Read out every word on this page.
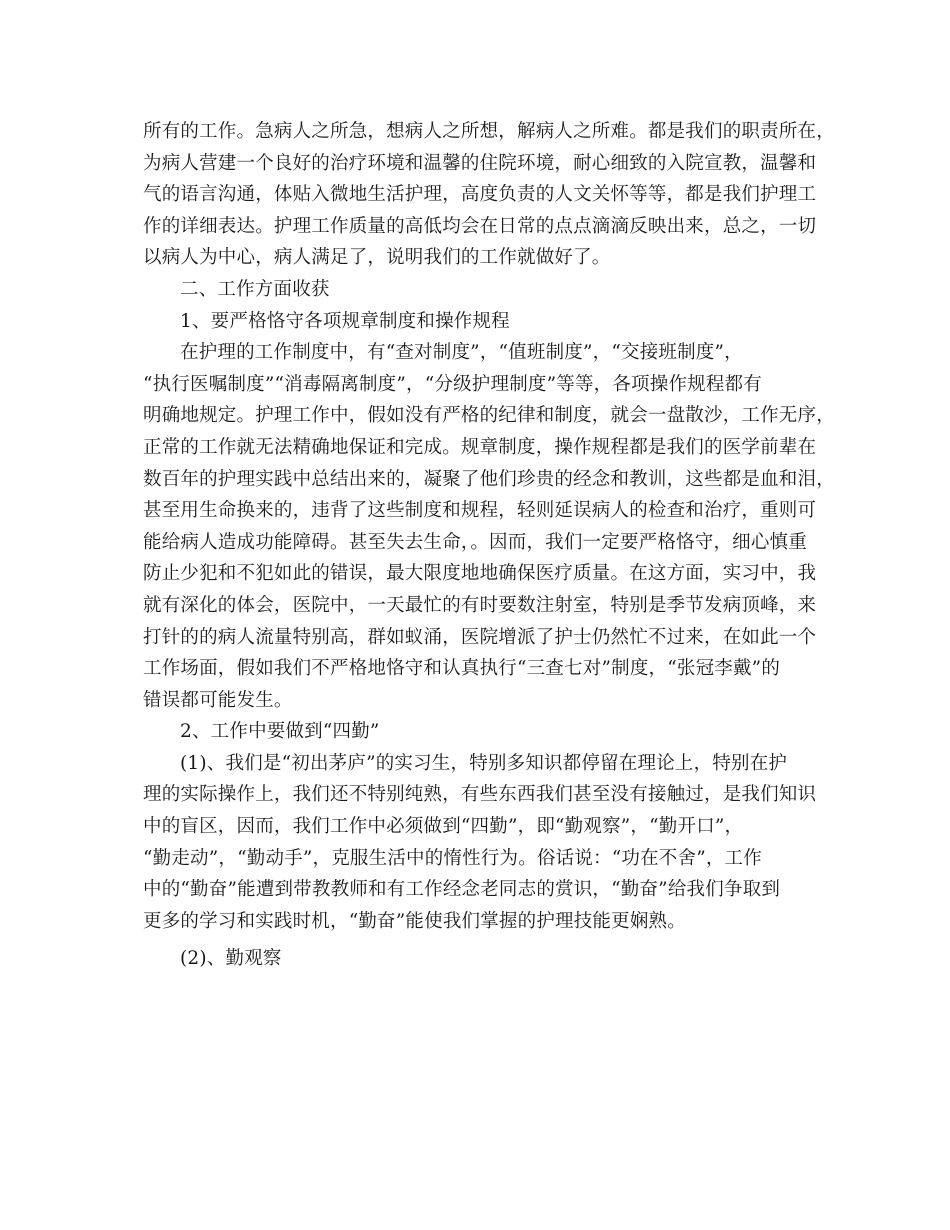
所有的工作。急病人之所急，想病人之所想，解病人之所难。都是我们的职责所在，
为病人营建一个良好的治疗环境和温馨的住院环境，耐心细致的入院宣教，温馨和
气的语言沟通，体贴入微地生活护理，高度负责的人文关怀等等，都是我们护理工
作的详细表达。护理工作质量的高低均会在日常的点点滴滴反映出来，总之，一切
以病人为中心，病人满足了，说明我们的工作就做好了。
二、工作方面收获
1、要严格恪守各项规章制度和操作规程
在护理的工作制度中，有“查对制度”，“值班制度”，“交接班制度”，
“执行医嘱制度”“消毒隔离制度”，“分级护理制度”等等，各项操作规程都有
明确地规定。护理工作中，假如没有严格的纪律和制度，就会一盘散沙，工作无序，
正常的工作就无法精确地保证和完成。规章制度，操作规程都是我们的医学前辈在
数百年的护理实践中总结出来的，凝聚了他们珍贵的经念和教训，这些都是血和泪，
甚至用生命换来的，违背了这些制度和规程，轻则延误病人的检查和治疗，重则可
能给病人造成功能障碍。甚至失去生命，。因而，我们一定要严格恪守，细心慎重
防止少犯和不犯如此的错误，最大限度地地确保医疗质量。在这方面，实习中，我
就有深化的体会，医院中，一天最忙的有时要数注射室，特别是季节发病顶峰，来
打针的的病人流量特别高，群如蚁涌，医院增派了护士仍然忙不过来，在如此一个
工作场面，假如我们不严格地恪守和认真执行“三查七对”制度，“张冠李戴”的
错误都可能发生。
2、工作中要做到“四勤”
(1)、我们是“初出茅庐”的实习生，特别多知识都停留在理论上，特别在护
理的实际操作上，我们还不特别纯熟，有些东西我们甚至没有接触过，是我们知识
中的盲区，因而，我们工作中必须做到“四勤”，即“勤观察”，“勤开口”，
“勤走动”，“勤动手”，克服生活中的惰性行为。俗话说：“功在不舍”，工作
中的“勤奋”能遭到带教教师和有工作经念老同志的赏识，“勤奋”给我们争取到
更多的学习和实践时机，“勤奋”能使我们掌握的护理技能更娴熟。
(2)、勤观察
